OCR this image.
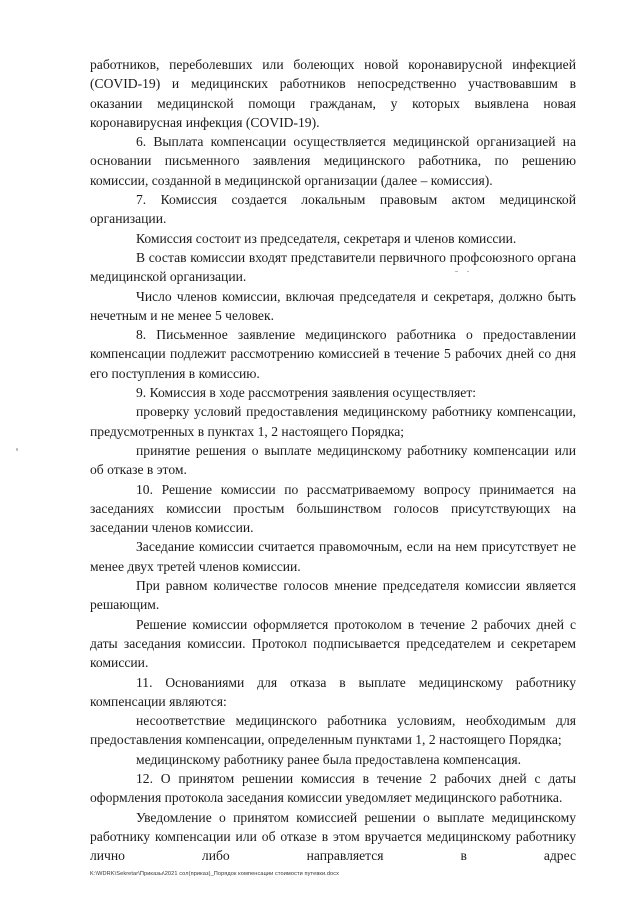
работников, переболевших или болеющих новой коронавирусной инфекцией (COVID-19) и медицинских работников непосредственно участвовавшим в оказании медицинской помощи гражданам, у которых выявлена новая коронавирусная инфекция (COVID-19).

6. Выплата компенсации осуществляется медицинской организацией на основании письменного заявления медицинского работника, по решению комиссии, созданной в медицинской организации (далее – комиссия).

7. Комиссия создается локальным правовым актом медицинской организации.

Комиссия состоит из председателя, секретаря и членов комиссии.

В состав комиссии входят представители первичного профсоюзного органа медицинской организации.

Число членов комиссии, включая председателя и секретаря, должно быть нечетным и не менее 5 человек.

8. Письменное заявление медицинского работника о предоставлении компенсации подлежит рассмотрению комиссией в течение 5 рабочих дней со дня его поступления в комиссию.

9. Комиссия в ходе рассмотрения заявления осуществляет:

проверку условий предоставления медицинскому работнику компенсации, предусмотренных в пунктах 1, 2 настоящего Порядка;

принятие решения о выплате медицинскому работнику компенсации или об отказе в этом.

10. Решение комиссии по рассматриваемому вопросу принимается на заседаниях комиссии простым большинством голосов присутствующих на заседании членов комиссии.

Заседание комиссии считается правомочным, если на нем присутствует не менее двух третей членов комиссии.

При равном количестве голосов мнение председателя комиссии является решающим.

Решение комиссии оформляется протоколом в течение 2 рабочих дней с даты заседания комиссии. Протокол подписывается председателем и секретарем комиссии.

11. Основаниями для отказа в выплате медицинскому работнику компенсации являются:

несоответствие медицинского работника условиям, необходимым для предоставления компенсации, определенным пунктами 1, 2 настоящего Порядка;

медицинскому работнику ранее была предоставлена компенсация.

12. О принятом решении комиссия в течение 2 рабочих дней с даты оформления протокола заседания комиссии уведомляет медицинского работника.

Уведомление о принятом комиссией решении о выплате медицинскому работнику компенсации или об отказе в этом вручается медицинскому работнику лично либо направляется в адрес

K:\WDRK\Sekretar\Приказы\2021 сол(приказ)_Порядок компенсации стоимости путевки.docx
